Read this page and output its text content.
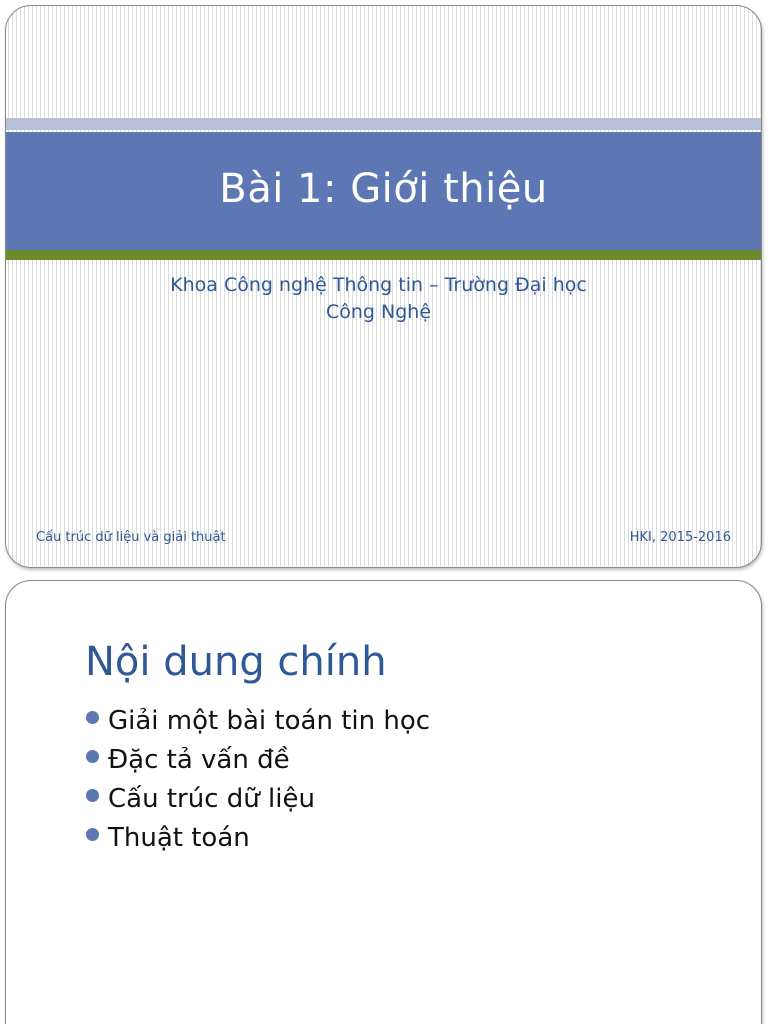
Bài 1: Giới thiệu
Khoa Công nghệ Thông tin – Trường Đại học
Công Nghệ
Cấu trúc dữ liệu và giải thuật	HKI, 2015-2016
Nội dung chính
Giải một bài toán tin học
Đặc tả vấn đề
Cấu trúc dữ liệu
Thuật toán
